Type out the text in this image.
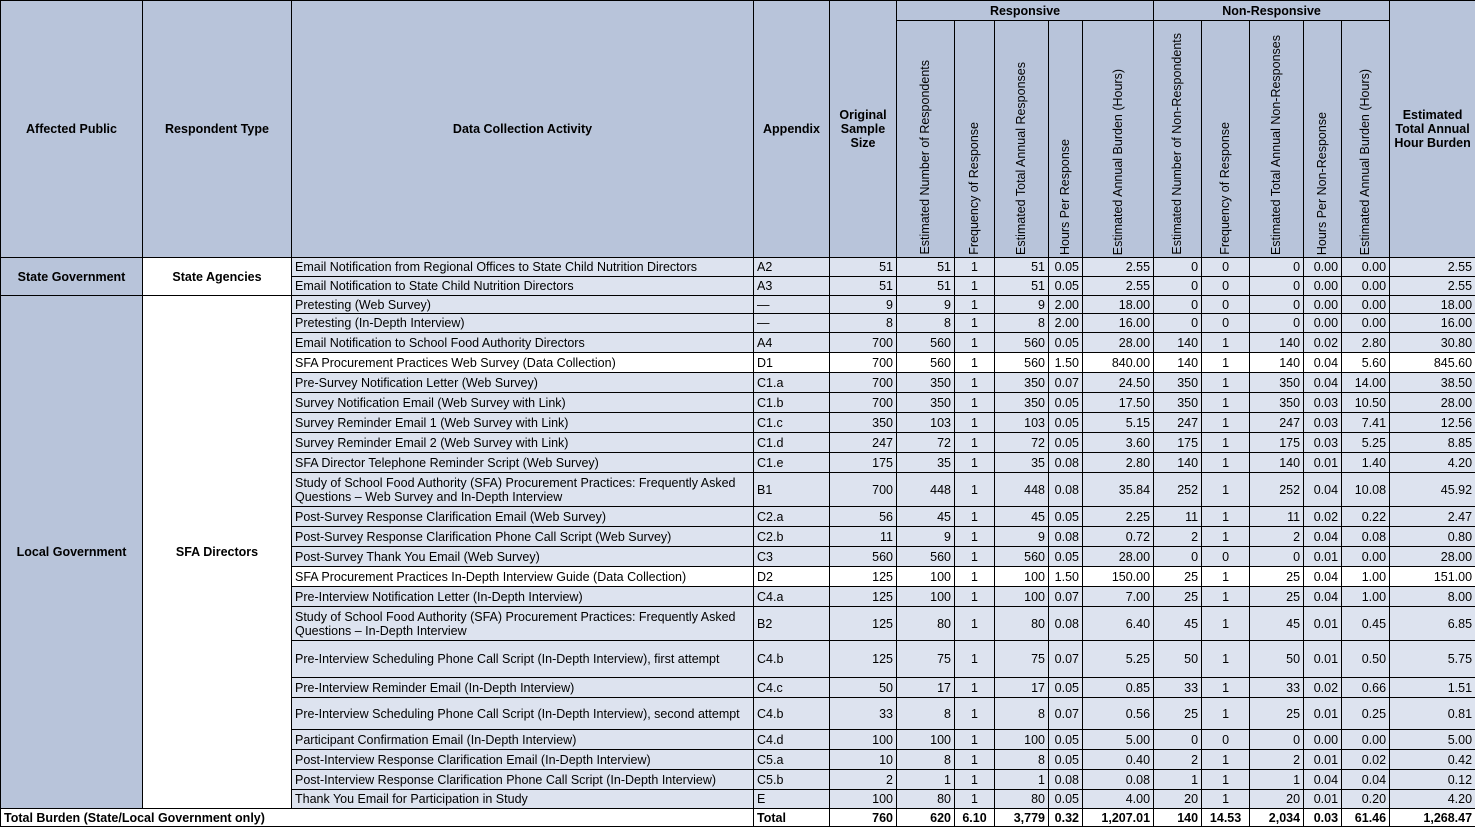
Affected Public	Respondent Type	Data Collection Activity	Appendix	Original Sample Size	Responsive					Non-Responsive					Estimated Total Annual Hour Burden

					Estimated Number of Respondents	Frequency of Response	Estimated Total Annual Responses	Hours Per Response	Estimated Annual Burden (Hours)	Estimated Number of Non-Respondents	Frequency of Response	Estimated Total Annual Non-Responses	Hours Per Non-Response	Estimated Annual Burden (Hours)	

State Government	State Agencies	Email Notification from Regional Offices to State Child Nutrition Directors	A2	51	51	1	51	0.05	2.55	0	0	0	0.00	0.00	2.55
		Email Notification to State Child Nutrition Directors	A3	51	51	1	51	0.05	2.55	0	0	0	0.00	0.00	2.55
Local Government	SFA Directors	Pretesting (Web Survey)	—	9	9	1	9	2.00	18.00	0	0	0	0.00	0.00	18.00
		Pretesting (In-Depth Interview)	—	8	8	1	8	2.00	16.00	0	0	0	0.00	0.00	16.00
		Email Notification to School Food Authority Directors	A4	700	560	1	560	0.05	28.00	140	1	140	0.02	2.80	30.80
		SFA Procurement Practices Web Survey (Data Collection)	D1	700	560	1	560	1.50	840.00	140	1	140	0.04	5.60	845.60
		Pre-Survey Notification Letter (Web Survey)	C1.a	700	350	1	350	0.07	24.50	350	1	350	0.04	14.00	38.50
		Survey Notification Email (Web Survey with Link)	C1.b	700	350	1	350	0.05	17.50	350	1	350	0.03	10.50	28.00
		Survey Reminder Email 1 (Web Survey with Link)	C1.c	350	103	1	103	0.05	5.15	247	1	247	0.03	7.41	12.56
		Survey Reminder Email 2 (Web Survey with Link)	C1.d	247	72	1	72	0.05	3.60	175	1	175	0.03	5.25	8.85
		SFA Director Telephone Reminder Script (Web Survey)	C1.e	175	35	1	35	0.08	2.80	140	1	140	0.01	1.40	4.20
		Study of School Food Authority (SFA) Procurement Practices: Frequently Asked Questions – Web Survey and In-Depth Interview	B1	700	448	1	448	0.08	35.84	252	1	252	0.04	10.08	45.92
		Post-Survey Response Clarification Email (Web Survey)	C2.a	56	45	1	45	0.05	2.25	11	1	11	0.02	0.22	2.47
		Post-Survey Response Clarification Phone Call Script (Web Survey)	C2.b	11	9	1	9	0.08	0.72	2	1	2	0.04	0.08	0.80
		Post-Survey Thank You Email (Web Survey)	C3	560	560	1	560	0.05	28.00	0	0	0	0.01	0.00	28.00
		SFA Procurement Practices In-Depth Interview Guide (Data Collection)	D2	125	100	1	100	1.50	150.00	25	1	25	0.04	1.00	151.00
		Pre-Interview Notification Letter (In-Depth Interview)	C4.a	125	100	1	100	0.07	7.00	25	1	25	0.04	1.00	8.00
		Study of School Food Authority (SFA) Procurement Practices: Frequently Asked Questions – In-Depth Interview	B2	125	80	1	80	0.08	6.40	45	1	45	0.01	0.45	6.85
		Pre-Interview Scheduling Phone Call Script (In-Depth Interview), first attempt	C4.b	125	75	1	75	0.07	5.25	50	1	50	0.01	0.50	5.75
		Pre-Interview Reminder Email (In-Depth Interview)	C4.c	50	17	1	17	0.05	0.85	33	1	33	0.02	0.66	1.51
		Pre-Interview Scheduling Phone Call Script (In-Depth Interview), second attempt	C4.b	33	8	1	8	0.07	0.56	25	1	25	0.01	0.25	0.81
		Participant Confirmation Email (In-Depth Interview)	C4.d	100	100	1	100	0.05	5.00	0	0	0	0.00	0.00	5.00
		Post-Interview Response Clarification Email (In-Depth Interview)	C5.a	10	8	1	8	0.05	0.40	2	1	2	0.01	0.02	0.42
		Post-Interview Response Clarification Phone Call Script (In-Depth Interview)	C5.b	2	1	1	1	0.08	0.08	1	1	1	0.04	0.04	0.12
		Thank You Email for Participation in Study	E	100	80	1	80	0.05	4.00	20	1	20	0.01	0.20	4.20
Total Burden (State/Local Government only)			Total	760	620	6.10	3,779	0.32	1,207.01	140	14.53	2,034	0.03	61.46	1,268.47
